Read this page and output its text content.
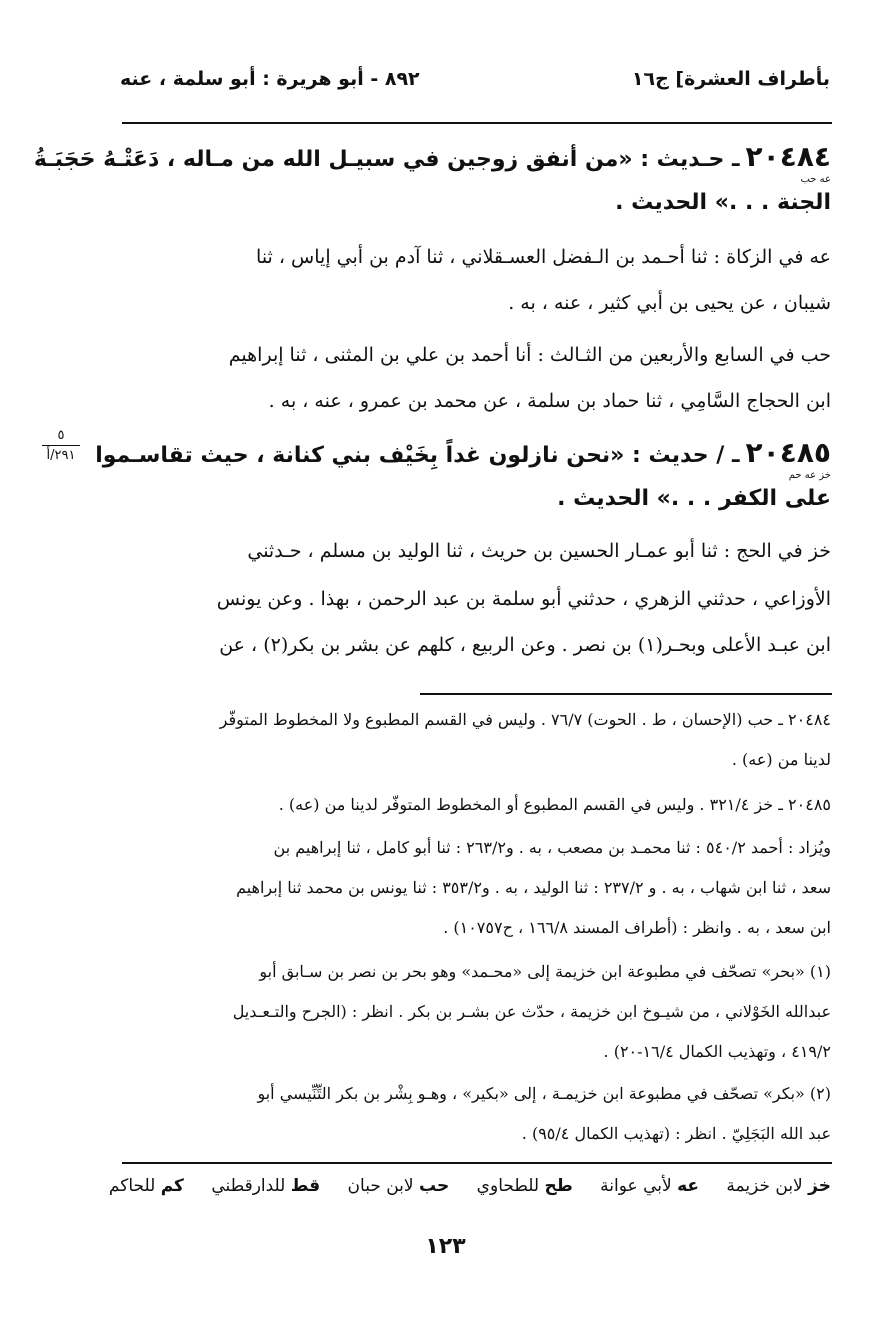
بأطراف العشرة] ج١٦
٨٩٢ - أبو هريرة : أبو سلمة ، عنه
٢٠٤٨٤ ـ حـديث : «من أنفق زوجين في سبيـل الله من مـاله ، دَعَتْـهُ حَجَبَـةُ
عه حب
الجنة . . .» الحديث .
عه في الزكاة : ثنا أحـمد بن الـفضل العسـقلاني ، ثنا آدم بن أبي إياس ، ثنا
شيبان ، عن يحيى بن أبي كثير ، عنه ، به .
حب في السابع والأربعين من الثـالث : أنا أحمد بن علي بن المثنى ، ثنا إبراهيم
ابن الحجاج السَّامِي ، ثنا حماد بن سلمة ، عن محمد بن عمرو ، عنه ، به .
٥
٢٩١/أ	٢٠٤٨٥ ـ / حديث : «نحن نازلون غداً بِخَيْف بني كنانة ، حيث تقاسـموا
خز عه حم
على الكفر . . .» الحديث .
خز في الحج : ثنا أبو عمـار الحسين بن حريث ، ثنا الوليد بن مسلم ، حـدثني
الأوزاعي ، حدثني الزهري ، حدثني أبو سلمة بن عبد الرحمن ، بهذا . وعن يونس
ابن عبـد الأعلى وبحـر(١) بن نصر . وعن الربيع ، كلهم عن بشر بن بكر(٢) ، عن
٢٠٤٨٤ ـ حب (الإحسان ، ط . الحوت) ٧٦/٧ . وليس في القسم المطبوع ولا المخطوط المتوفّر
لدينا من (عه) .
٢٠٤٨٥ ـ خز ٣٢١/٤ . وليس في القسم المطبوع أو المخطوط المتوفّر لدينا من (عه) .
ويُزاد : أحمد ٥٤٠/٢ : ثنا محمـد بن مصعب ، به . و٢٦٣/٢ : ثنا أبو كامل ، ثنا إبراهيم بن
سعد ، ثنا ابن شهاب ، به . و ٢٣٧/٢ : ثنا الوليد ، به . و٣٥٣/٢ : ثنا يونس بن محمد ثنا إبراهيم
ابن سعد ، به . وانظر : (أطراف المسند ١٦٦/٨ ، ح١٠٧٥٧) .
(١) «بحر» تصحّف في مطبوعة ابن خزيمة إلى «محـمد» وهو بحر بن نصر بن سـابق أبو
عبدالله الخَوْلاني ، من شيـوخ ابن خزيمة ، حدّث عن بشـر بن بكر . انظر : (الجرح والتـعـديل
٤١٩/٢ ، وتهذيب الكمال ١٦/٤-٢٠) .
(٢) «بكر» تصحّف في مطبوعة ابن خزيمـة ، إلى «بكير» ، وهـو بِشْر بن بكر التِّنِّيسي أبو
عبد الله البَجَلِيّ . انظر : (تهذيب الكمال ٩٥/٤) .
خز لابن خزيمة عه لأبي عوانة طح للطحاوي حب لابن حبان قط للدارقطني كم للحاكم
١٢٣
